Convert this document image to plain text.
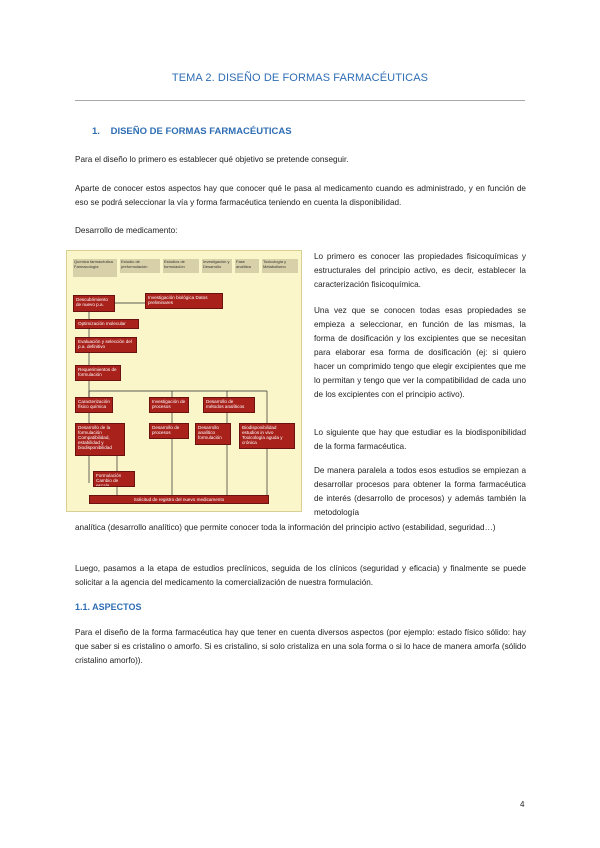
TEMA 2. DISEÑO DE FORMAS FARMACÉUTICAS
1. DISEÑO DE FORMAS FARMACÉUTICAS

Para el diseño lo primero es establecer qué objetivo se pretende conseguir.

Aparte de conocer estos aspectos hay que conocer qué le pasa al medicamento cuando es administrado, y en función de eso se podrá seleccionar la vía y forma farmacéutica teniendo en cuenta la disponibilidad.

Desarrollo de medicamento:

Química farmacéutica Farmacología
Estudio de preformulación
Estudios de formulación
Investigación y Desarrollo
Fase analítica
Toxicología y Metabolismo
Descubrimiento de nuevo p.a.
Investigación biológica Datos preliminares
Optimización molecular
Evaluación y selección del p.a. definitivo
Requerimientos de formulación
Caracterización físico química
Investigación de procesos
Desarrollo de métodos analíticos
Desarrollo de la formulación Compatibilidad, estabilidad y biodisponibilidad
Desarrollo de procesos
Desarrollo analítico formulación
Biodisponibilidad estudios in vivo Toxicología aguda y crónica
Formulación Cambio de escala
Solicitud de registro del nuevo medicamento

Lo primero es conocer las propiedades fisicoquímicas y estructurales del principio activo, es decir, establecer la caracterización fisicoquímica.

Una vez que se conocen todas esas propiedades se empieza a seleccionar, en función de las mismas, la forma de dosificación y los excipientes que se necesitan para elaborar esa forma de dosificación (ej: si quiero hacer un comprimido tengo que elegir excipientes que me lo permitan y tengo que ver la compatibilidad de cada uno de los excipientes con el principio activo).

Lo siguiente que hay que estudiar es la biodisponibilidad de la forma farmacéutica.

De manera paralela a todos esos estudios se empiezan a desarrollar procesos para obtener la forma farmacéutica de interés (desarrollo de procesos) y además también la metodología

analítica (desarrollo analítico) que permite conocer toda la información del principio activo (estabilidad, seguridad…)

Luego, pasamos a la etapa de estudios preclínicos, seguida de los clínicos (seguridad y eficacia) y finalmente se puede solicitar a la agencia del medicamento la comercialización de nuestra formulación.

1.1. ASPECTOS

Para el diseño de la forma farmacéutica hay que tener en cuenta diversos aspectos (por ejemplo: estado físico sólido: hay que saber si es cristalino o amorfo. Si es cristalino, si solo cristaliza en una sola forma o si lo hace de manera amorfa (sólido cristalino amorfo)).

4
